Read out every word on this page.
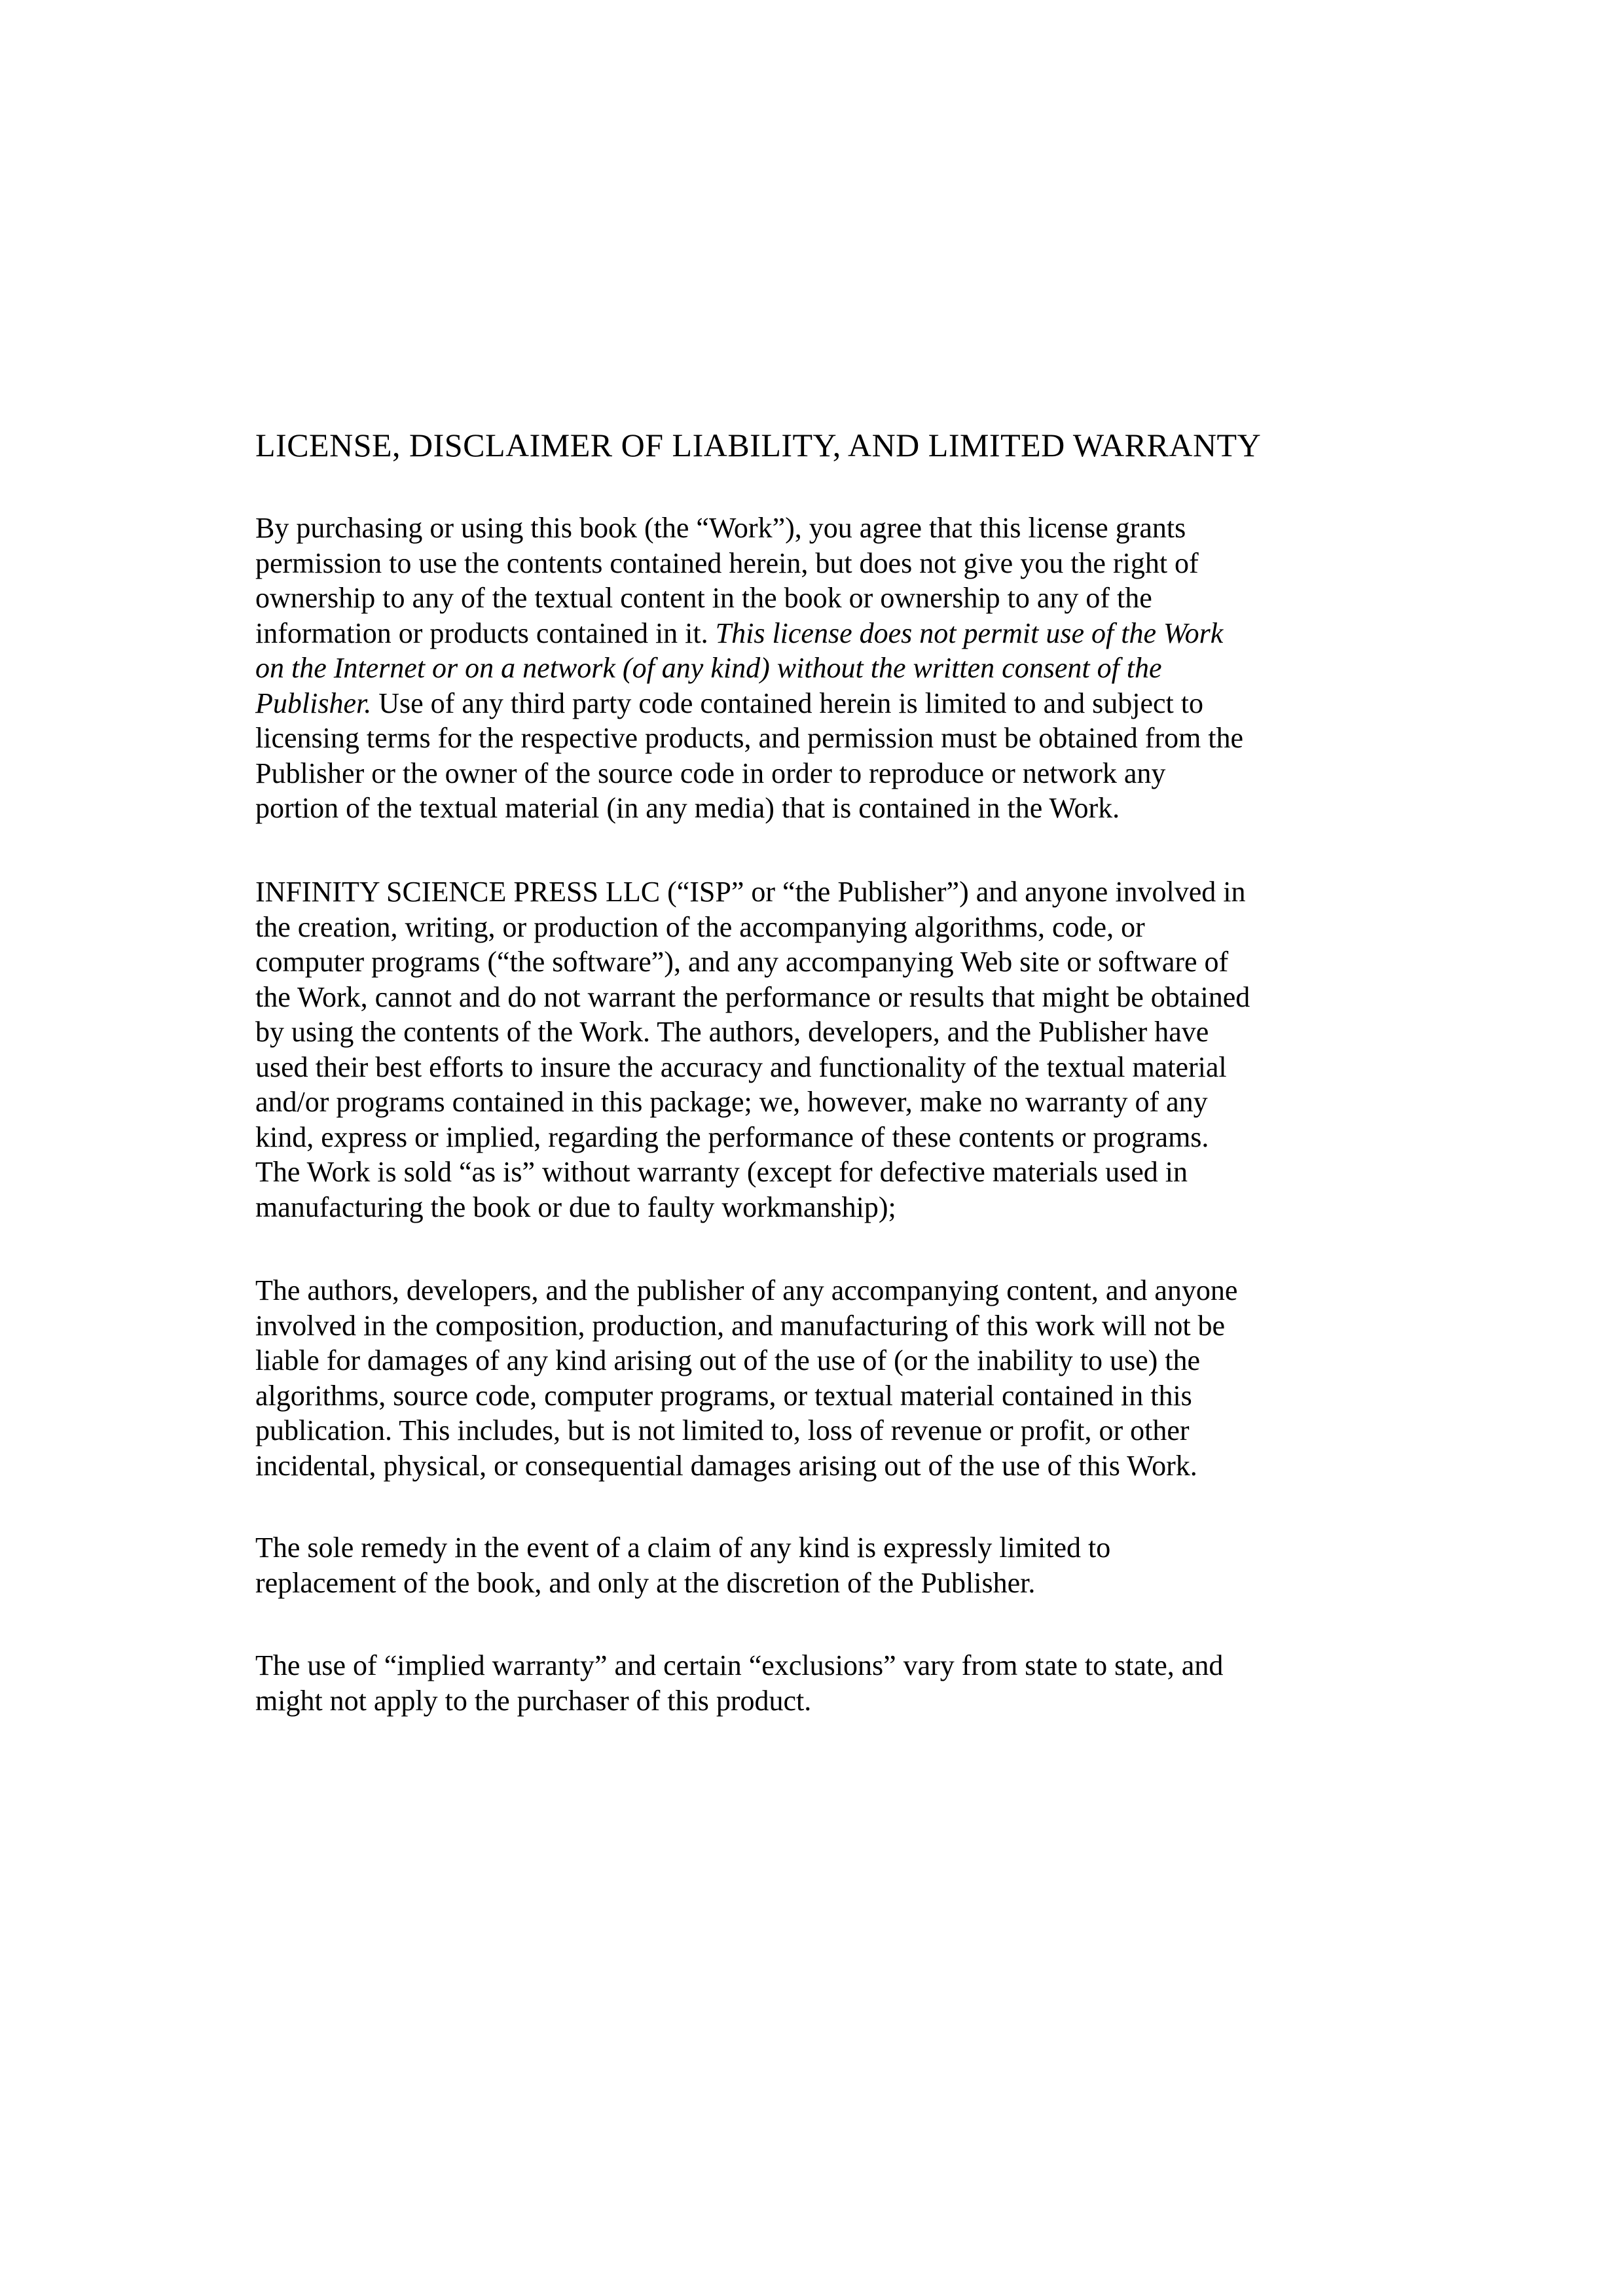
LICENSE, DISCLAIMER OF LIABILITY, AND LIMITED WARRANTY
By purchasing or using this book (the “Work”), you agree that this license grants
permission to use the contents contained herein, but does not give you the right of
ownership to any of the textual content in the book or ownership to any of the
information or products contained in it. This license does not permit use of the Work
on the Internet or on a network (of any kind) without the written consent of the
Publisher. Use of any third party code contained herein is limited to and subject to
licensing terms for the respective products, and permission must be obtained from the
Publisher or the owner of the source code in order to reproduce or network any
portion of the textual material (in any media) that is contained in the Work.
INFINITY SCIENCE PRESS LLC (“ISP” or “the Publisher”) and anyone involved in
the creation, writing, or production of the accompanying algorithms, code, or
computer programs (“the software”), and any accompanying Web site or software of
the Work, cannot and do not warrant the performance or results that might be obtained
by using the contents of the Work. The authors, developers, and the Publisher have
used their best efforts to insure the accuracy and functionality of the textual material
and/or programs contained in this package; we, however, make no warranty of any
kind, express or implied, regarding the performance of these contents or programs.
The Work is sold “as is” without warranty (except for defective materials used in
manufacturing the book or due to faulty workmanship);
The authors, developers, and the publisher of any accompanying content, and anyone
involved in the composition, production, and manufacturing of this work will not be
liable for damages of any kind arising out of the use of (or the inability to use) the
algorithms, source code, computer programs, or textual material contained in this
publication. This includes, but is not limited to, loss of revenue or profit, or other
incidental, physical, or consequential damages arising out of the use of this Work.
The sole remedy in the event of a claim of any kind is expressly limited to
replacement of the book, and only at the discretion of the Publisher.
The use of “implied warranty” and certain “exclusions” vary from state to state, and
might not apply to the purchaser of this product.
